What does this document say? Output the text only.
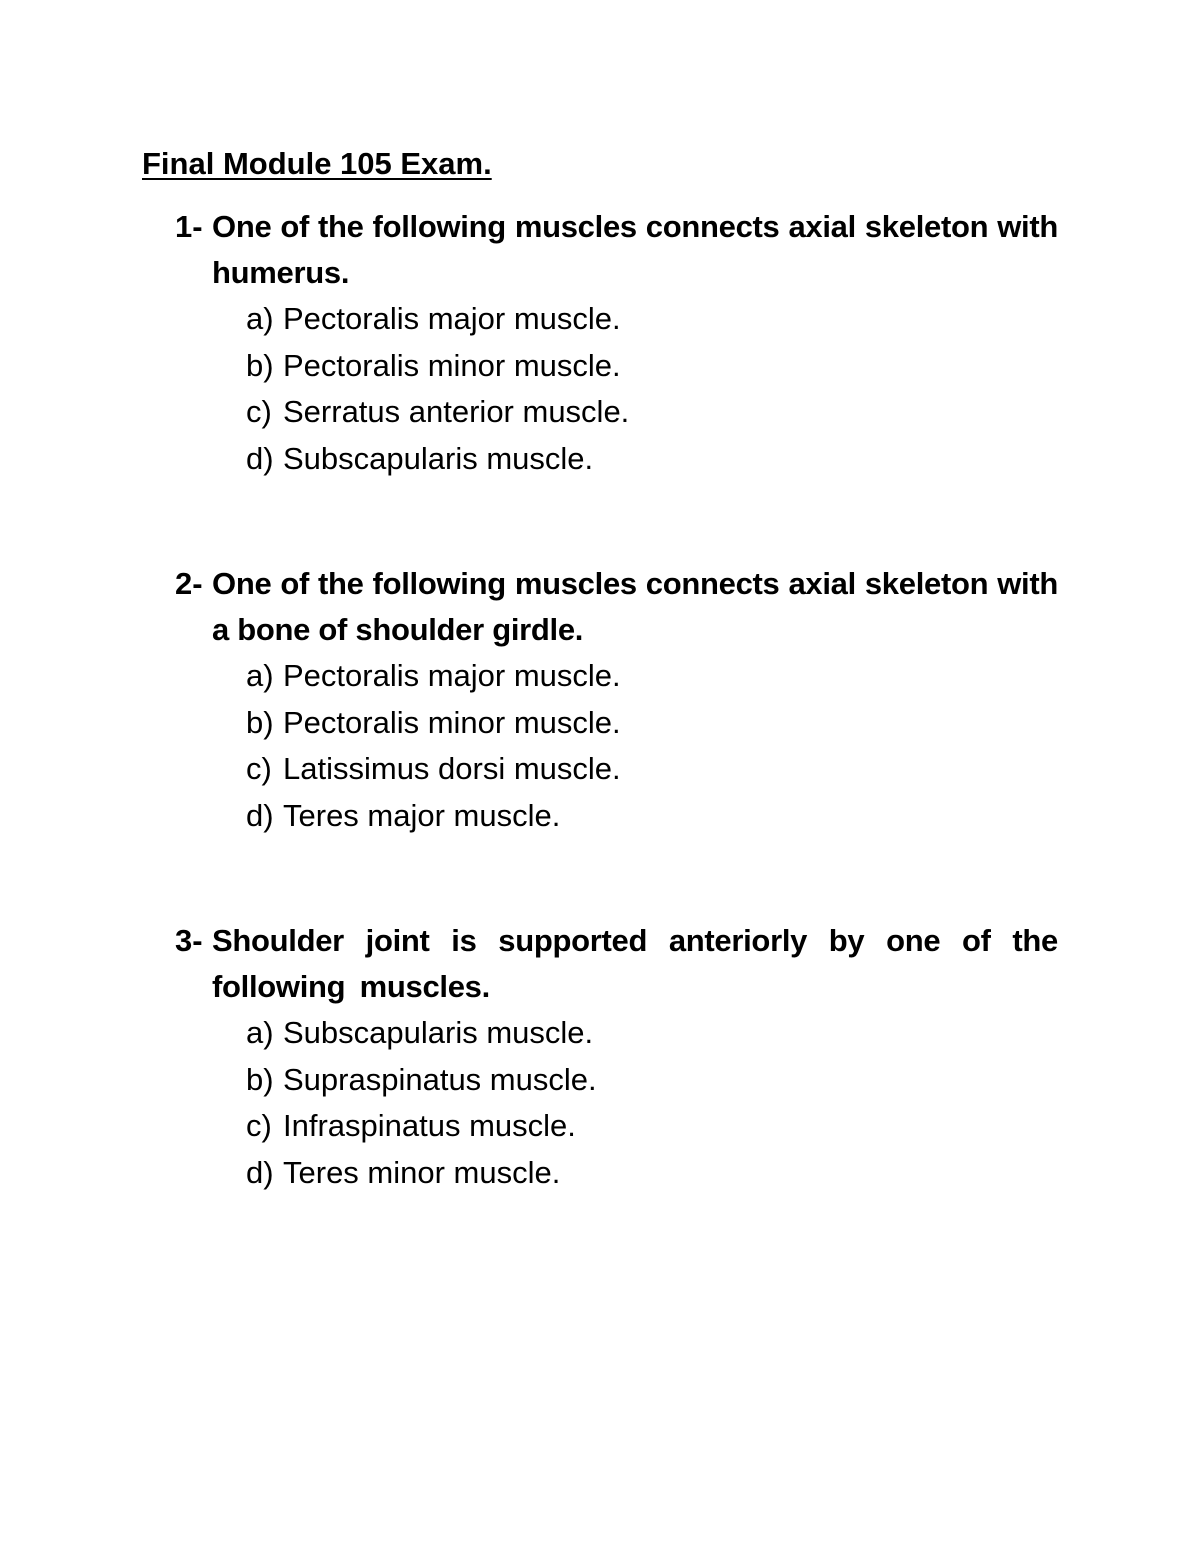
Final Module 105 Exam.
1- One of the following muscles connects axial skeleton with humerus.
a) Pectoralis major muscle.
b) Pectoralis minor muscle.
c) Serratus anterior muscle.
d) Subscapularis muscle.
2- One of the following muscles connects axial skeleton with a bone of shoulder girdle.
a) Pectoralis major muscle.
b) Pectoralis minor muscle.
c) Latissimus dorsi muscle.
d) Teres major muscle.
3- Shoulder joint is supported anteriorly by one of the following muscles.
a) Subscapularis muscle.
b) Supraspinatus muscle.
c) Infraspinatus muscle.
d) Teres minor muscle.
